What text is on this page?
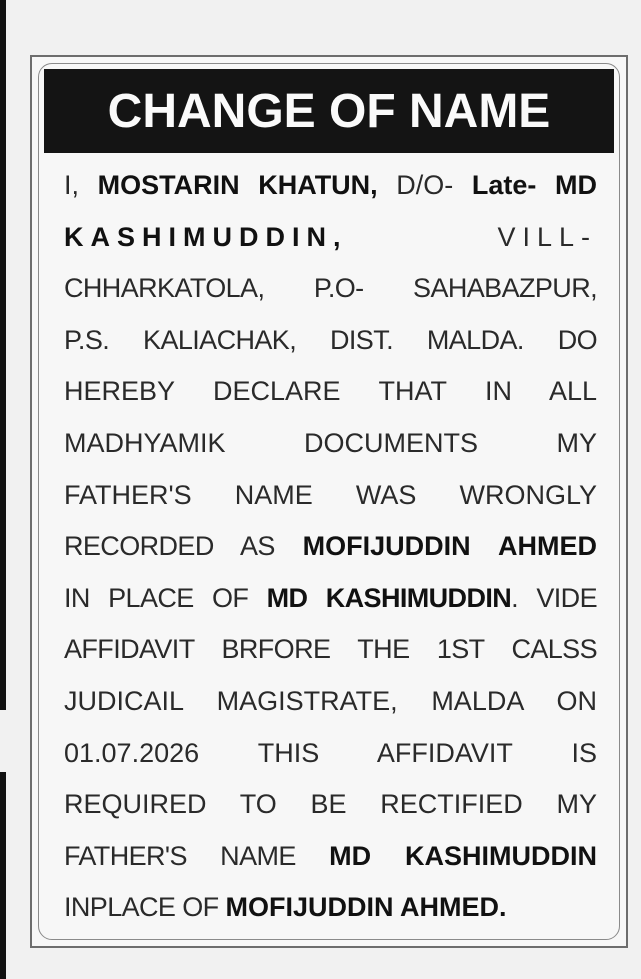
CHANGE OF NAME
I, MOSTARIN KHATUN, D/O- Late- MD
KASHIMUDDIN, VILL-
CHHARKATOLA, P.O- SAHABAZPUR,
P.S. KALIACHAK, DIST. MALDA. DO
HEREBY DECLARE THAT IN ALL
MADHYAMIK DOCUMENTS MY
FATHER'S NAME WAS WRONGLY
RECORDED AS MOFIJUDDIN AHMED
IN PLACE OF MD KASHIMUDDIN. VIDE
AFFIDAVIT BRFORE THE 1ST CALSS
JUDICAIL MAGISTRATE, MALDA ON
01.07.2026 THIS AFFIDAVIT IS
REQUIRED TO BE RECTIFIED MY
FATHER'S NAME MD KASHIMUDDIN
INPLACE OF MOFIJUDDIN AHMED.
